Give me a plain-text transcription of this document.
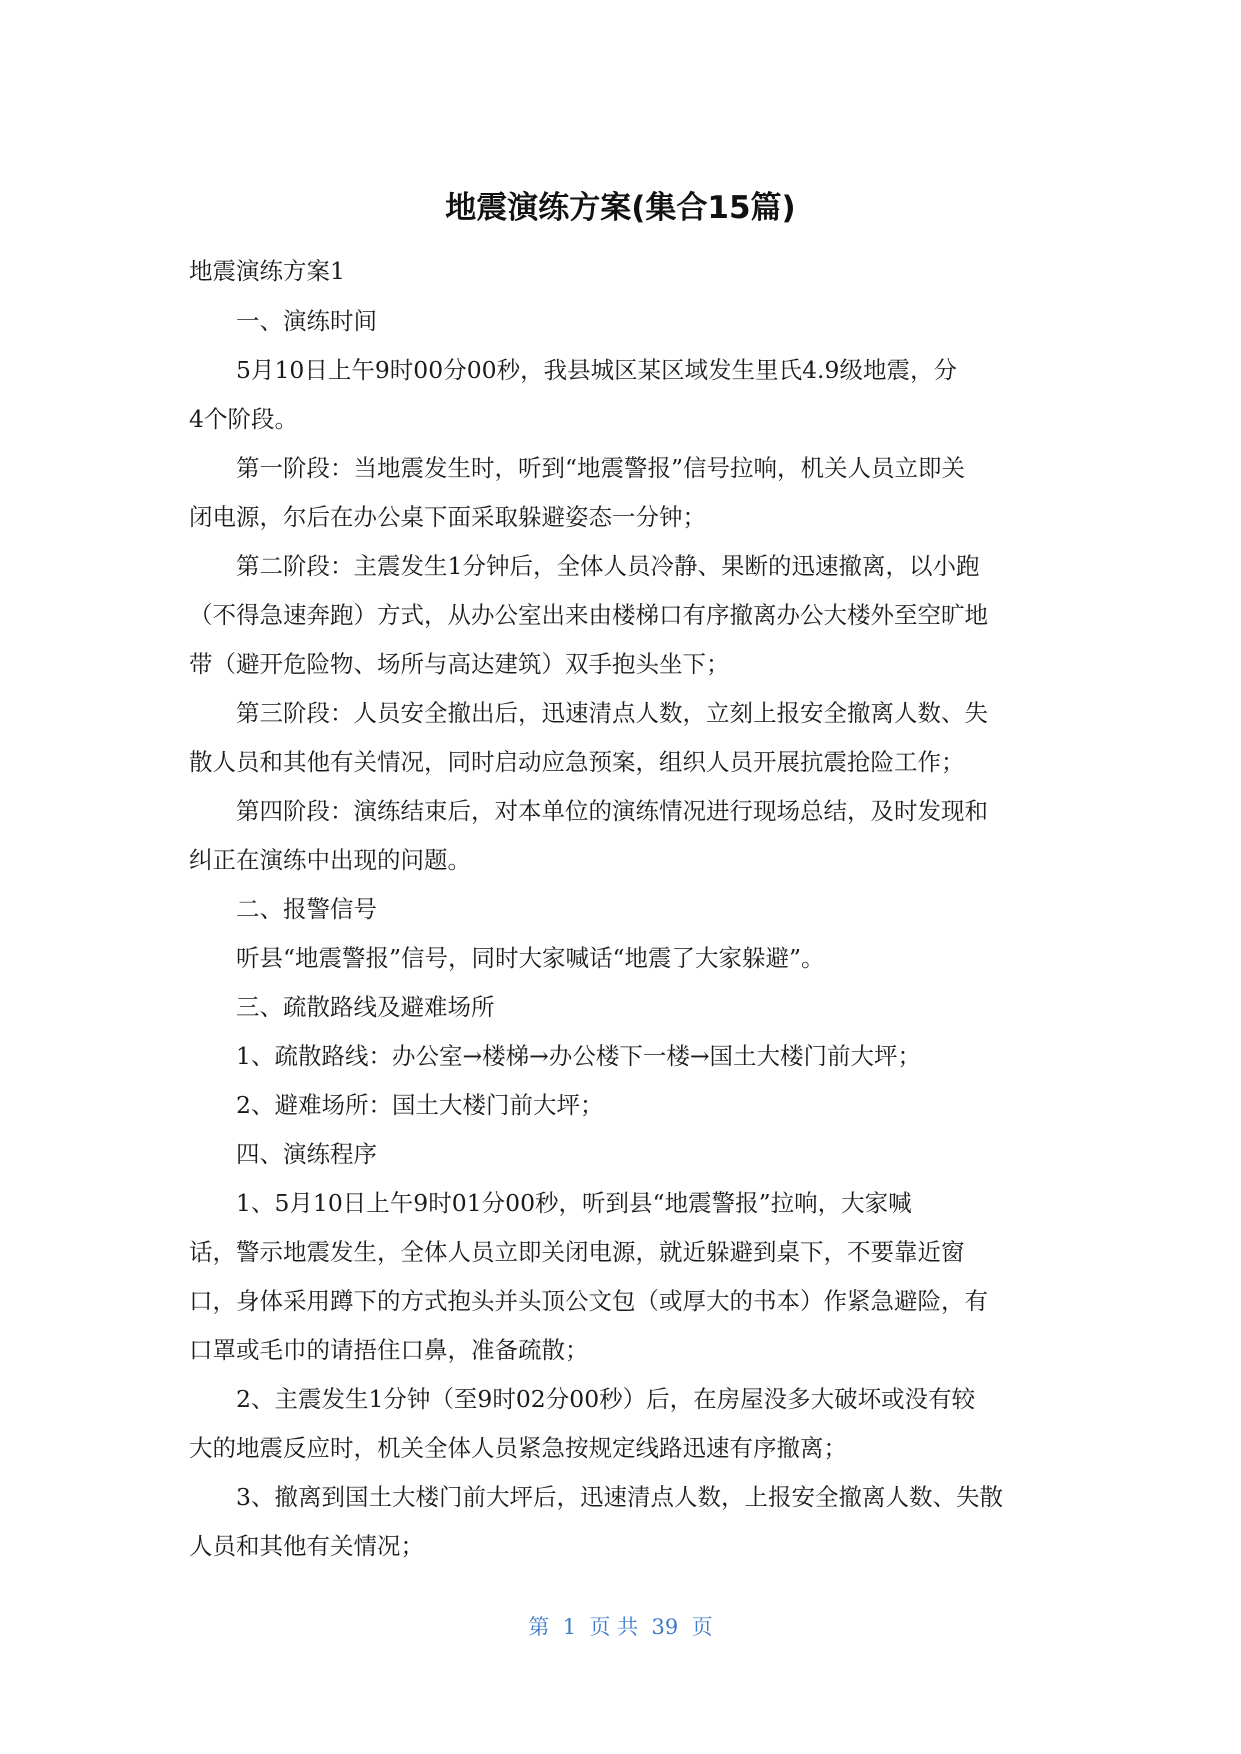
地震演练方案(集合15篇)
地震演练方案1
　　一、演练时间
　　5月10日上午9时00分00秒，我县城区某区域发生里氏4.9级地震，分
4个阶段。
　　第一阶段：当地震发生时，听到“地震警报”信号拉响，机关人员立即关
闭电源，尔后在办公桌下面采取躲避姿态一分钟；
　　第二阶段：主震发生1分钟后，全体人员冷静、果断的迅速撤离，以小跑
（不得急速奔跑）方式，从办公室出来由楼梯口有序撤离办公大楼外至空旷地
带（避开危险物、场所与高达建筑）双手抱头坐下；
　　第三阶段：人员安全撤出后，迅速清点人数，立刻上报安全撤离人数、失
散人员和其他有关情况，同时启动应急预案，组织人员开展抗震抢险工作；
　　第四阶段：演练结束后，对本单位的演练情况进行现场总结，及时发现和
纠正在演练中出现的问题。
　　二、报警信号
　　听县“地震警报”信号，同时大家喊话“地震了大家躲避”。
　　三、疏散路线及避难场所
　　1、疏散路线：办公室→楼梯→办公楼下一楼→国土大楼门前大坪；
　　2、避难场所：国土大楼门前大坪；
　　四、演练程序
　　1、5月10日上午9时01分00秒，听到县“地震警报”拉响，大家喊
话，警示地震发生，全体人员立即关闭电源，就近躲避到桌下，不要靠近窗
口，身体采用蹲下的方式抱头并头顶公文包（或厚大的书本）作紧急避险，有
口罩或毛巾的请捂住口鼻，准备疏散；
　　2、主震发生1分钟（至9时02分00秒）后，在房屋没多大破坏或没有较
大的地震反应时，机关全体人员紧急按规定线路迅速有序撤离；
　　3、撤离到国土大楼门前大坪后，迅速清点人数，上报安全撤离人数、失散
人员和其他有关情况；
第  1  页 共  39  页
